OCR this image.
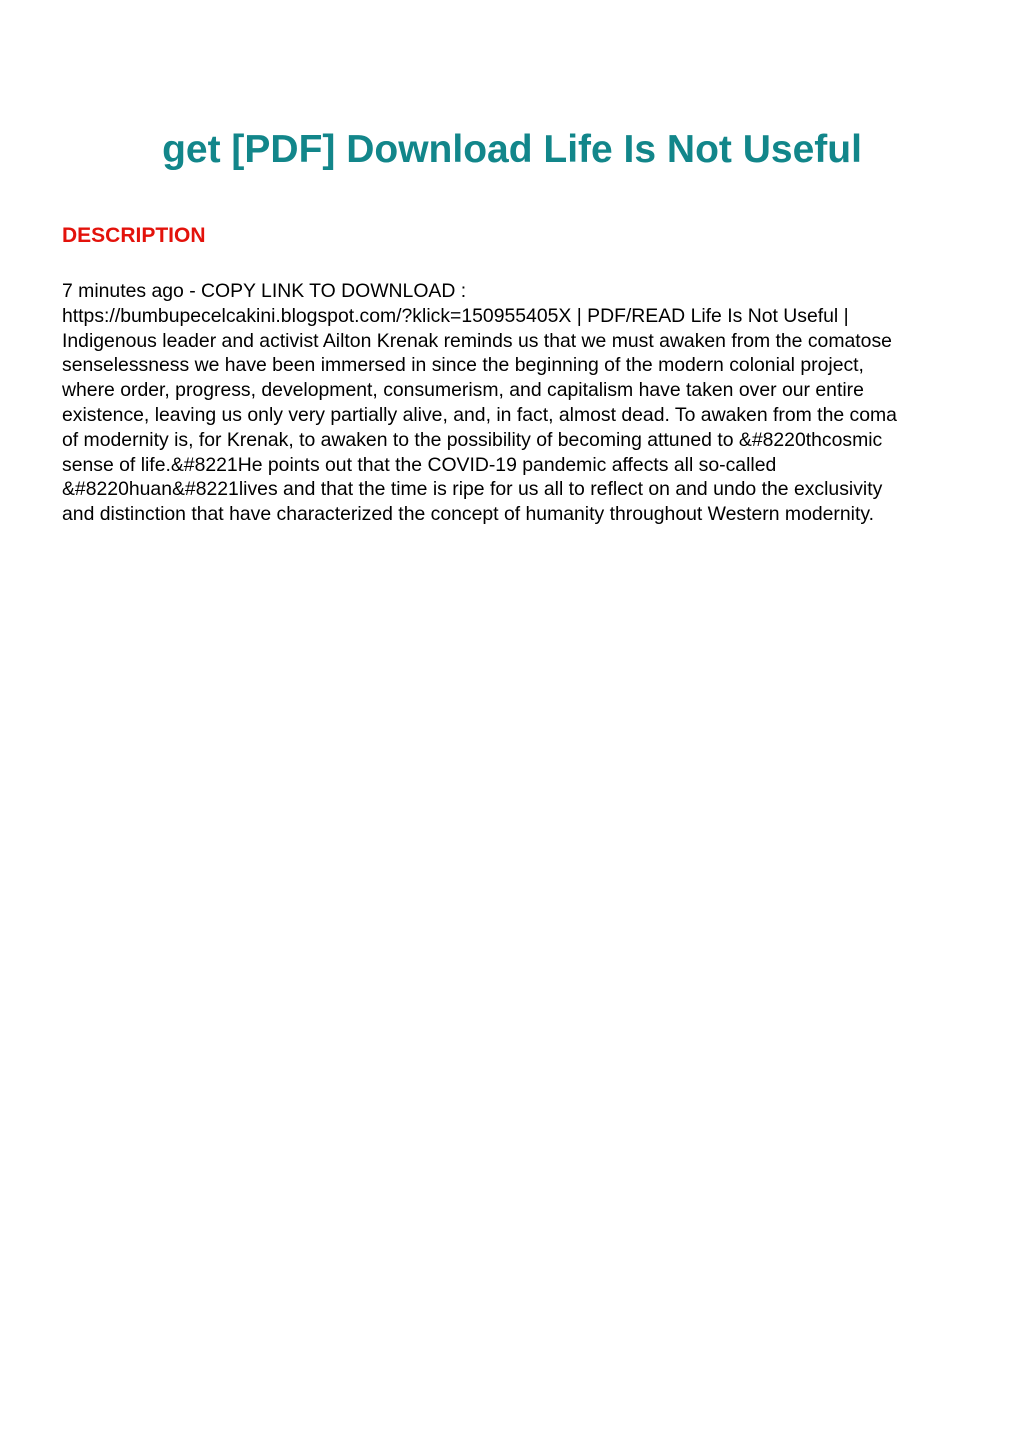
get [PDF] Download Life Is Not Useful
DESCRIPTION
7 minutes ago - COPY LINK TO DOWNLOAD :
https://bumbupecelcakini.blogspot.com/?klick=150955405X | PDF/READ Life Is Not Useful |
Indigenous leader and activist Ailton Krenak reminds us that we must awaken from the comatose
senselessness we have been immersed in since the beginning of the modern colonial project,
where order, progress, development, consumerism, and capitalism have taken over our entire
existence, leaving us only very partially alive, and, in fact, almost dead. To awaken from the coma
of modernity is, for Krenak, to awaken to the possibility of becoming attuned to &#8220thcosmic
sense of life.&#8221He points out that the COVID-19 pandemic affects all so-called
&#8220huan&#8221lives and that the time is ripe for us all to reflect on and undo the exclusivity
and distinction that have characterized the concept of humanity throughout Western modernity.
